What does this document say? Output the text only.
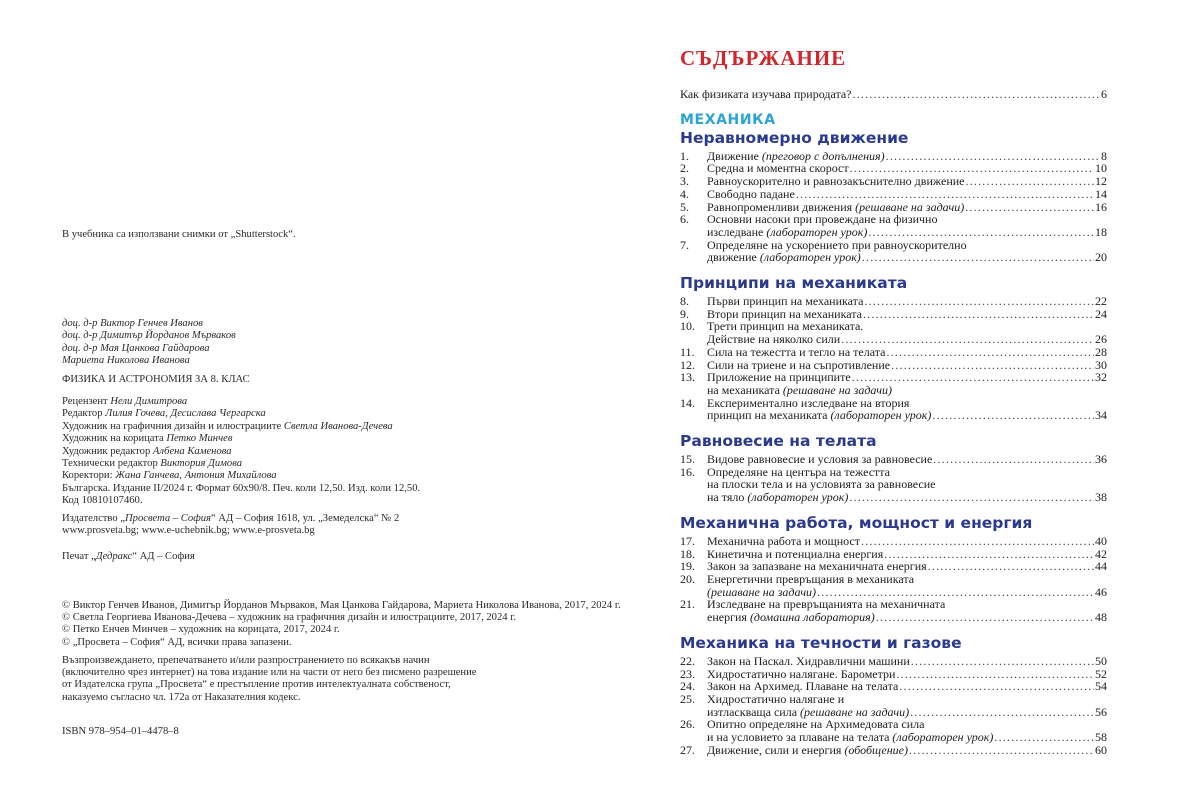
В учебника са използвани снимки от „Shutterstock“.
доц. д-р Виктор Генчев Иванов
доц. д-р Димитър Йорданов Мърваков
доц. д-р Мая Цанкова Гайдарова
Мариета Николова Иванова
ФИЗИКА И АСТРОНОМИЯ ЗА 8. КЛАС
Рецензент Нели Димитрова
Редактор Лилия Гочева, Десислава Чергарска
Художник на графичния дизайн и илюстрациите Светла Иванова-Дечева
Художник на корицата Петко Минчев
Художник редактор Албена Каменова
Технически редактор Виктория Димова
Коректори: Жана Ганчева, Антония Михайлова
Българска. Издание II/2024 г. Формат 60х90/8. Печ. коли 12,50. Изд. коли 12,50.
Код 10810107460.
Издателство „Просвета – София“ АД – София 1618, ул. „Земеделска“ № 2
www.prosveta.bg; www.e-uchebnik.bg; www.e-prosveta.bg
Печат „Дедракс“ АД – София
© Виктор Генчев Иванов, Димитър Йорданов Мърваков, Мая Цанкова Гайдарова, Мариета Николова Иванова, 2017, 2024 г.
© Светла Георгиева Иванова-Дечева – художник на графичния дизайн и илюстрациите, 2017, 2024 г.
© Петко Енчев Минчев – художник на корицата, 2017, 2024 г.
© „Просвета – София“ АД, всички права запазени.
Възпроизвеждането, препечатването и/или разпространението по всякакъв начин
(включително чрез интернет) на това издание или на части от него без писмено разрешение
от Издателска група „Просвета“ е престъпление против интелектуалната собственост,
наказуемо съгласно чл. 172а от Наказателния кодекс.
ISBN 978–954–01–4478–8
СЪДЪРЖАНИЕ
Как физиката изучава природата? .....	6
МЕХАНИКА
Неравномерно движение
1.	Движение (преговор с допълнения) .....	8
2.	Средна и моментна скорост .....	10
3.	Равноускорително и равнозакъснително движение .....	12
4.	Свободно падане .....	14
5.	Равнопроменливи движения (решаване на задачи) .....	16
6.	Основни насоки при провеждане на физично
изследване (лабораторен урок) .....	18
7.	Определяне на ускорението при равноускорително
движение (лабораторен урок) .....	20
Принципи на механиката
8.	Първи принцип на механиката .....	22
9.	Втори принцип на механиката .....	24
10.	Трети принцип на механиката.
Действие на няколко сили .....	26
11.	Сила на тежестта и тегло на телата .....	28
12.	Сили на триене и на съпротивление .....	30
13.	Приложение на принципите .....	32
на механиката (решаване на задачи)
14.	Експериментално изследване на втория
принцип на механиката (лабораторен урок) .....	34
Равновесие на телата
15.	Видове равновесие и условия за равновесие .....	36
16.	Определяне на центъра на тежестта
на плоски тела и на условията за равновесие
на тяло (лабораторен урок) .....	38
Механична работа, мощност и енергия
17.	Механична работа и мощност .....	40
18.	Кинетична и потенциална енергия .....	42
19.	Закон за запазване на механичната енергия .....	44
20.	Енергетични превръщания в механиката
(решаване на задачи) .....	46
21.	Изследване на превръщанията на механичната
енергия (домашна лаборатория) .....	48
Механика на течности и газове
22.	Закон на Паскал. Хидравлични машини .....	50
23.	Хидростатично налягане. Барометри .....	52
24.	Закон на Архимед. Плаване на телата .....	54
25.	Хидростатично налягане и
изтласкваща сила (решаване на задачи) .....	56
26.	Опитно определяне на Архимедовата сила
и на условието за плаване на телата (лабораторен урок) .....	58
27.	Движение, сили и енергия (обобщение) .....	60
